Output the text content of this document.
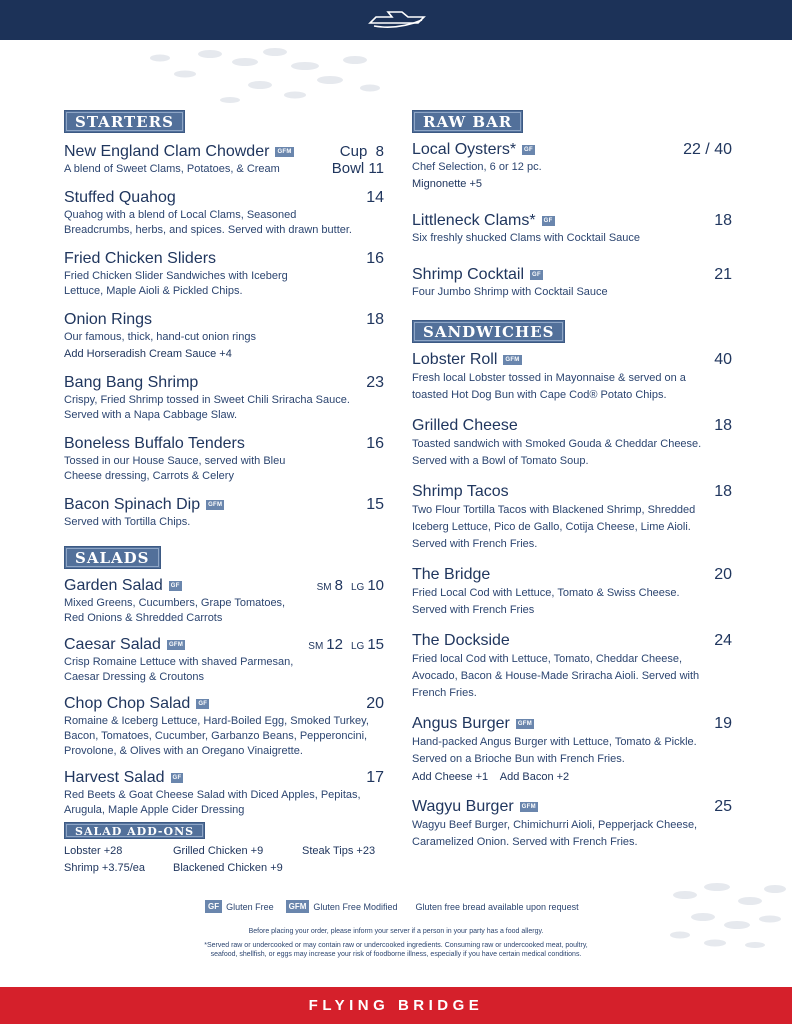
STARTERS
New England Clam Chowder	GFM	Cup  8
A blend of Sweet Clams, Potatoes, & Cream	Bowl 11
Stuffed Quahog	14
Quahog with a blend of Local Clams, Seasoned Breadcrumbs, herbs, and spices. Served with drawn butter.
Fried Chicken Sliders	16
Fried Chicken Slider Sandwiches with Iceberg Lettuce, Maple Aioli & Pickled Chips.
Onion Rings	18
Our famous, thick, hand-cut onion rings
Add Horseradish Cream Sauce +4
Bang Bang Shrimp	23
Crispy, Fried Shrimp tossed in Sweet Chili Sriracha Sauce. Served with a Napa Cabbage Slaw.
Boneless Buffalo Tenders	16
Tossed in our House Sauce, served with Bleu Cheese dressing, Carrots & Celery
Bacon Spinach Dip	GFM	15
Served with Tortilla Chips.
SALADS
Garden Salad	GF	SM 8 LG 10
Mixed Greens, Cucumbers, Grape Tomatoes, Red Onions & Shredded Carrots
Caesar Salad	GFM	SM 12 LG 15
Crisp Romaine Lettuce with shaved Parmesan, Caesar Dressing & Croutons
Chop Chop Salad	GF	20
Romaine & Iceberg Lettuce, Hard-Boiled Egg, Smoked Turkey, Bacon, Tomatoes, Cucumber, Garbanzo Beans, Pepperoncini, Provolone, & Olives with an Oregano Vinaigrette.
Harvest Salad	GF	17
Red Beets & Goat Cheese Salad with Diced Apples, Pepitas, Arugula, Maple Apple Cider Dressing
SALAD ADD-ONS
Lobster +28	Grilled Chicken +9	Steak Tips +23
Shrimp +3.75/ea	Blackened Chicken +9
RAW BAR
Local Oysters*	GF	22 / 40
Chef Selection, 6 or 12 pc.
Mignonette +5
Littleneck Clams*	GF	18
Six freshly shucked Clams with Cocktail Sauce
Shrimp Cocktail	GF	21
Four Jumbo Shrimp with Cocktail Sauce
SANDWICHES
Lobster Roll	GFM	40
Fresh local Lobster tossed in Mayonnaise & served on a toasted Hot Dog Bun with Cape Cod® Potato Chips.
Grilled Cheese	18
Toasted sandwich with Smoked Gouda & Cheddar Cheese. Served with a Bowl of Tomato Soup.
Shrimp Tacos	18
Two Flour Tortilla Tacos with Blackened Shrimp, Shredded Iceberg Lettuce, Pico de Gallo, Cotija Cheese, Lime Aioli. Served with French Fries.
The Bridge	20
Fried Local Cod with Lettuce, Tomato & Swiss Cheese. Served with French Fries
The Dockside	24
Fried local Cod with Lettuce, Tomato, Cheddar Cheese, Avocado, Bacon & House-Made Sriracha Aioli. Served with French Fries.
Angus Burger	GFM	19
Hand-packed Angus Burger with Lettuce, Tomato & Pickle. Served on a Brioche Bun with French Fries.
Add Cheese +1    Add Bacon +2
Wagyu Burger	GFM	25
Wagyu Beef Burger, Chimichurri Aioli, Pepperjack Cheese, Caramelized Onion. Served with French Fries.
GF Gluten Free	GFM Gluten Free Modified Gluten free bread available upon request
Before placing your order, please inform your server if a person in your party has a food allergy.
*Served raw or undercooked or may contain raw or undercooked ingredients. Consuming raw or undercooked meat, poultry,
seafood, shellfish, or eggs may increase your risk of foodborne illness, especially if you have certain medical conditions.
FLYING BRIDGE
